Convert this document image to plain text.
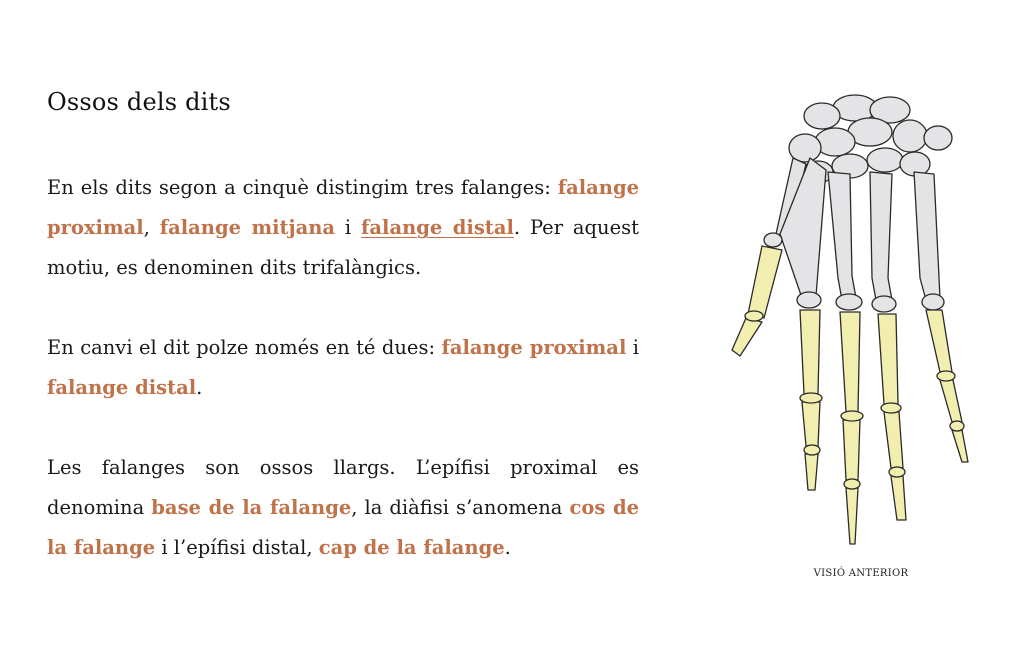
Ossos dels dits

En els dits segon a cinquè distingim tres falanges: falange proximal, falange mitjana i falange distal. Per aquest motiu, es denominen dits trifalàngics.

En canvi el dit polze només en té dues: falange proximal i falange distal.

Les falanges son ossos llargs. L’epífisi proximal es denomina base de la falange, la diàfisi s’anomena cos de la falange i l’epífisi distal, cap de la falange.

VISIÓ ANTERIOR
